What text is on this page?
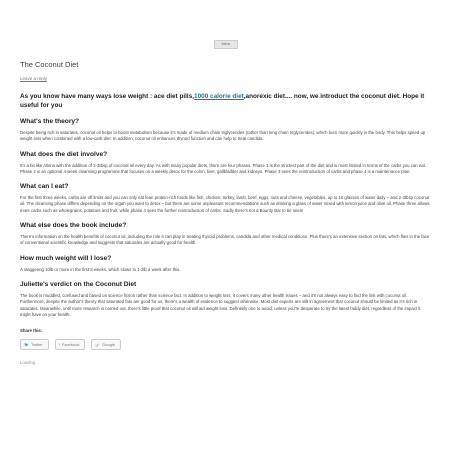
Menu
The Coconut Diet
Leave a reply
As you know have many ways lose weight : ace diet pills,1000 calorie diet,anorexic diet.... now, we introduct the coconut diet. Hope it useful for you
What's the theory?

Despite being rich in saturates, coconut oil helps to boost metabolism because it's made of medium chain triglycerides (rather than long chain triglycerides), which burn more quickly in the body. This helps speed up weight loss when combined with a low-carb diet. In addition, coconut oil enhances thyroid function and can help to treat candida.

What does the diet involve?

It's a bit like Atkins with the addition of 2-3tbsp of coconut oil every day. As with many popular diets, there are four phases. Phase 1 is the strictest part of the diet and is most limited in terms of the carbs you can eat. Phase 2 is an optional 4-week cleansing programme that focuses on a weekly detox for the colon, liver, gallbladder and kidneys. Phase 3 sees the reintroduction of carbs and phase 4 is a maintenance plan.

What can I eat?

For the first three weeks, carbs are off limits and you can only eat lean protein-rich foods like fish, chicken, turkey, lamb, beef, eggs, nuts and cheese, vegetables, up to 10 glasses of water daily – and 2-3tbsp coconut oil. The cleansing phase differs depending on the organ you want to detox – but there are some unpleasant recommendations such as drinking a glass of water mixed with lemon juice and olive oil. Phase three allows more carbs such as wholegrains, potatoes and fruit, while phase 4 sees the further reintroduction of carbs. Sadly there's not a Bounty Bar to be seen!

What else does the book include?

There's information on the health benefits of coconut oil, including the role it can play in treating thyroid problems, candida and other medical conditions. Plus there's an extensive section on fats, which flies in the face of conventional scientific knowledge and suggests that saturates are actually good for health.

How much weight will I lose?

A staggering 10lb or more in the first 3 weeks, which slows to 1-2lb a week after this.

Juliette's verdict on the Coconut Diet

The book is muddled, confused and based on science fiction rather than science fact. In addition to weight loss, it covers many other health issues – and it's not always easy to find the link with coconut oil. Furthermore, despite the author's theory that saturated fats are good for us, there's a wealth of evidence to suggest otherwise. Most diet experts are still in agreement that coconut should be limited as it's rich in saturates. Meanwhile, until more research is carried out, there's little proof that coconut oil will aid weight loss. Definitely one to avoid, unless you're desperate to try the latest faddy diet, regardless of the impact it might have on your health.

Share this:
🐦 Twitter	f Facebook	g+ Google
Loading...
